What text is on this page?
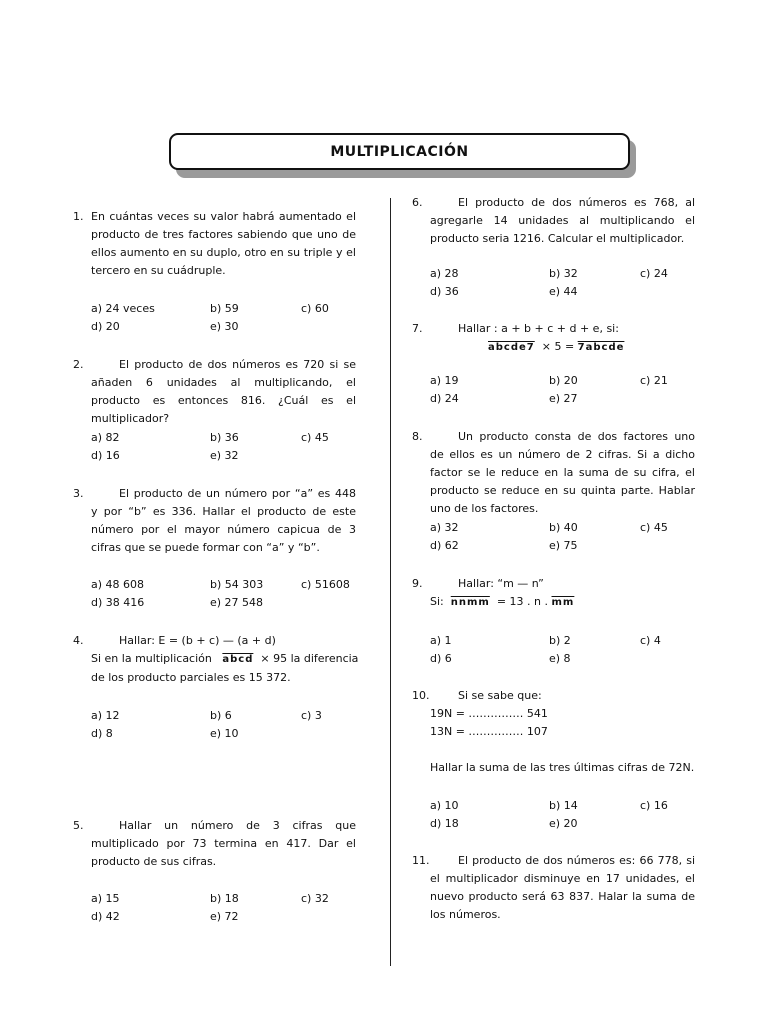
MULTIPLICACIÓN
1. En cuántas veces su valor habrá aumentado el producto de tres factores sabiendo que uno de ellos aumento en su duplo, otro en su triple y el tercero en su cuádruple.
a) 24 veces	b) 59	c) 60
d) 20	e) 30
2.	El producto de dos números es 720 si se añaden 6 unidades al multiplicando, el producto es entonces 816. ¿Cuál es el multiplicador?
a) 82	b) 36	c) 45
d) 16	e) 32
3.	El producto de un número por “a” es 448 y por “b” es 336. Hallar el producto de este número por el mayor número capicua de 3 cifras que se puede formar con “a” y “b”.
a) 48 608	b) 54 303	c) 51608
d) 38 416	e) 27 548
4.	Hallar: E = (b + c) — (a + d)
Si en la multiplicación abcd × 95 la diferencia
de los producto parciales es 15 372.
a) 12	b) 6	c) 3
d) 8	e) 10
5.	Hallar un número de 3 cifras que multiplicado por 73 termina en 417. Dar el producto de sus cifras.
a) 15	b) 18	c) 32
d) 42	e) 72
6.	El producto de dos números es 768, al agregarle 14 unidades al multiplicando el producto seria 1216. Calcular el multiplicador.
a) 28	b) 32	c) 24
d) 36	e) 44
7.	Hallar : a + b + c + d + e, si:
abcde7 × 5 = 7abcde
a) 19	b) 20	c) 21
d) 24	e) 27
8.	Un producto consta de dos factores uno de ellos es un número de 2 cifras. Si a dicho factor se le reduce en la suma de su cifra, el producto se reduce en su quinta parte. Hablar uno de los factores.
a) 32	b) 40	c) 45
d) 62	e) 75
9.	Hallar: “m — n”
Si: nnmm = 13 . n . $\overline{mm}$
a) 1	b) 2	c) 4
d) 6	e) 8
10.	Si se sabe que:
19N = …………… 541
13N = …………… 107
Hallar la suma de las tres últimas cifras de 72N.
a) 10	b) 14	c) 16
d) 18	e) 20
11.	El producto de dos números es: 66 778, si el multiplicador disminuye en 17 unidades, el nuevo producto será 63 837. Halar la suma de los números.
